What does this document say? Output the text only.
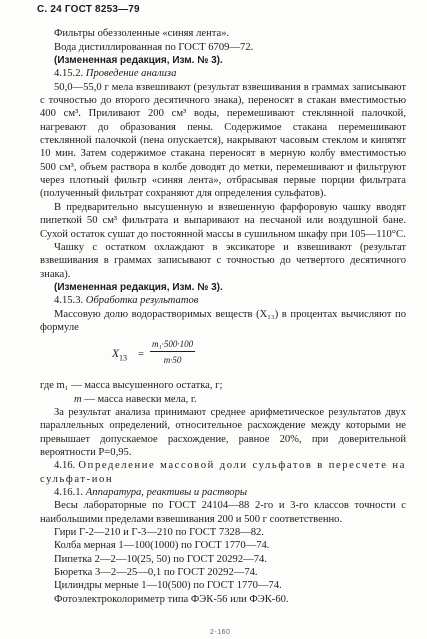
С. 24 ГОСТ 8253—79

Фильтры обеззоленные «синяя лента».

Вода дистиллированная по ГОСТ 6709—72.

(Измененная редакция, Изм. № 3).

4.15.2. Проведение анализа

50,0—55,0 г мела взвешивают (результат взвешивания в граммах записывают с точностью до второго десятичного знака), переносят в стакан вместимостью 400 см³. Приливают 200 см³ воды, перемешивают стеклянной палочкой, нагревают до образования пены. Содержимое стакана перемешивают стеклянной палочкой (пена опускается), накрывают часовым стеклом и кипятят 10 мин. Затем содержимое стакана переносят в мерную колбу вместимостью 500 см³, объем раствора в колбе доводят до метки, перемешивают и фильтруют через плотный фильтр «синяя лента», отбрасывая первые порции фильтрата (полученный фильтрат сохраняют для определения сульфатов).

В предварительно высушенную и взвешенную фарфоровую чашку вводят пипеткой 50 см³ фильтрата и выпаривают на песчаной или воздушной бане. Сухой остаток сушат до постоянной массы в сушильном шкафу при 105—110°С.

Чашку с остатком охлаждают в эксикаторе и взвешивают (результат взвешивания в граммах записывают с точностью до четвертого десятичного знака).

(Измененная редакция, Изм. № 3).

4.15.3. Обработка результатов

Массовую долю водорастворимых веществ (X₁₃) в процентах вычисляют по формуле

$X_{13} = \frac{\text{m₁·500·100}}{m\cdot 50}$

где m₁ — масса высушенного остатка, г;

m — масса навески мела, г.

За результат анализа принимают среднее арифметическое результатов двух параллельных определений, относительное расхождение между которыми не превышает допускаемое расхождение, равное 20%, при доверительной вероятности P=0,95.

4.16. Определение массовой доли сульфатов в пересчете на сульфат-ион

4.16.1. Аппаратура, реактивы и растворы

Весы лабораторные по ГОСТ 24104—88 2-го и 3-го классов точности с наибольшими пределами взвешивания 200 и 500 г соответственно.

Гири Г-2—210 и Г-3—210 по ГОСТ 7328—82.

Колба мерная 1—100(1000) по ГОСТ 1770—74.

Пипетка 2—2—10(25, 50) по ГОСТ 20292—74.

Бюретка 3—2—25—0,1 по ГОСТ 20292—74.

Цилиндры мерные 1—10(500) по ГОСТ 1770—74.

Фотоэлектроколориметр типа ФЭК-56 или ФЭК-60.

2-160
